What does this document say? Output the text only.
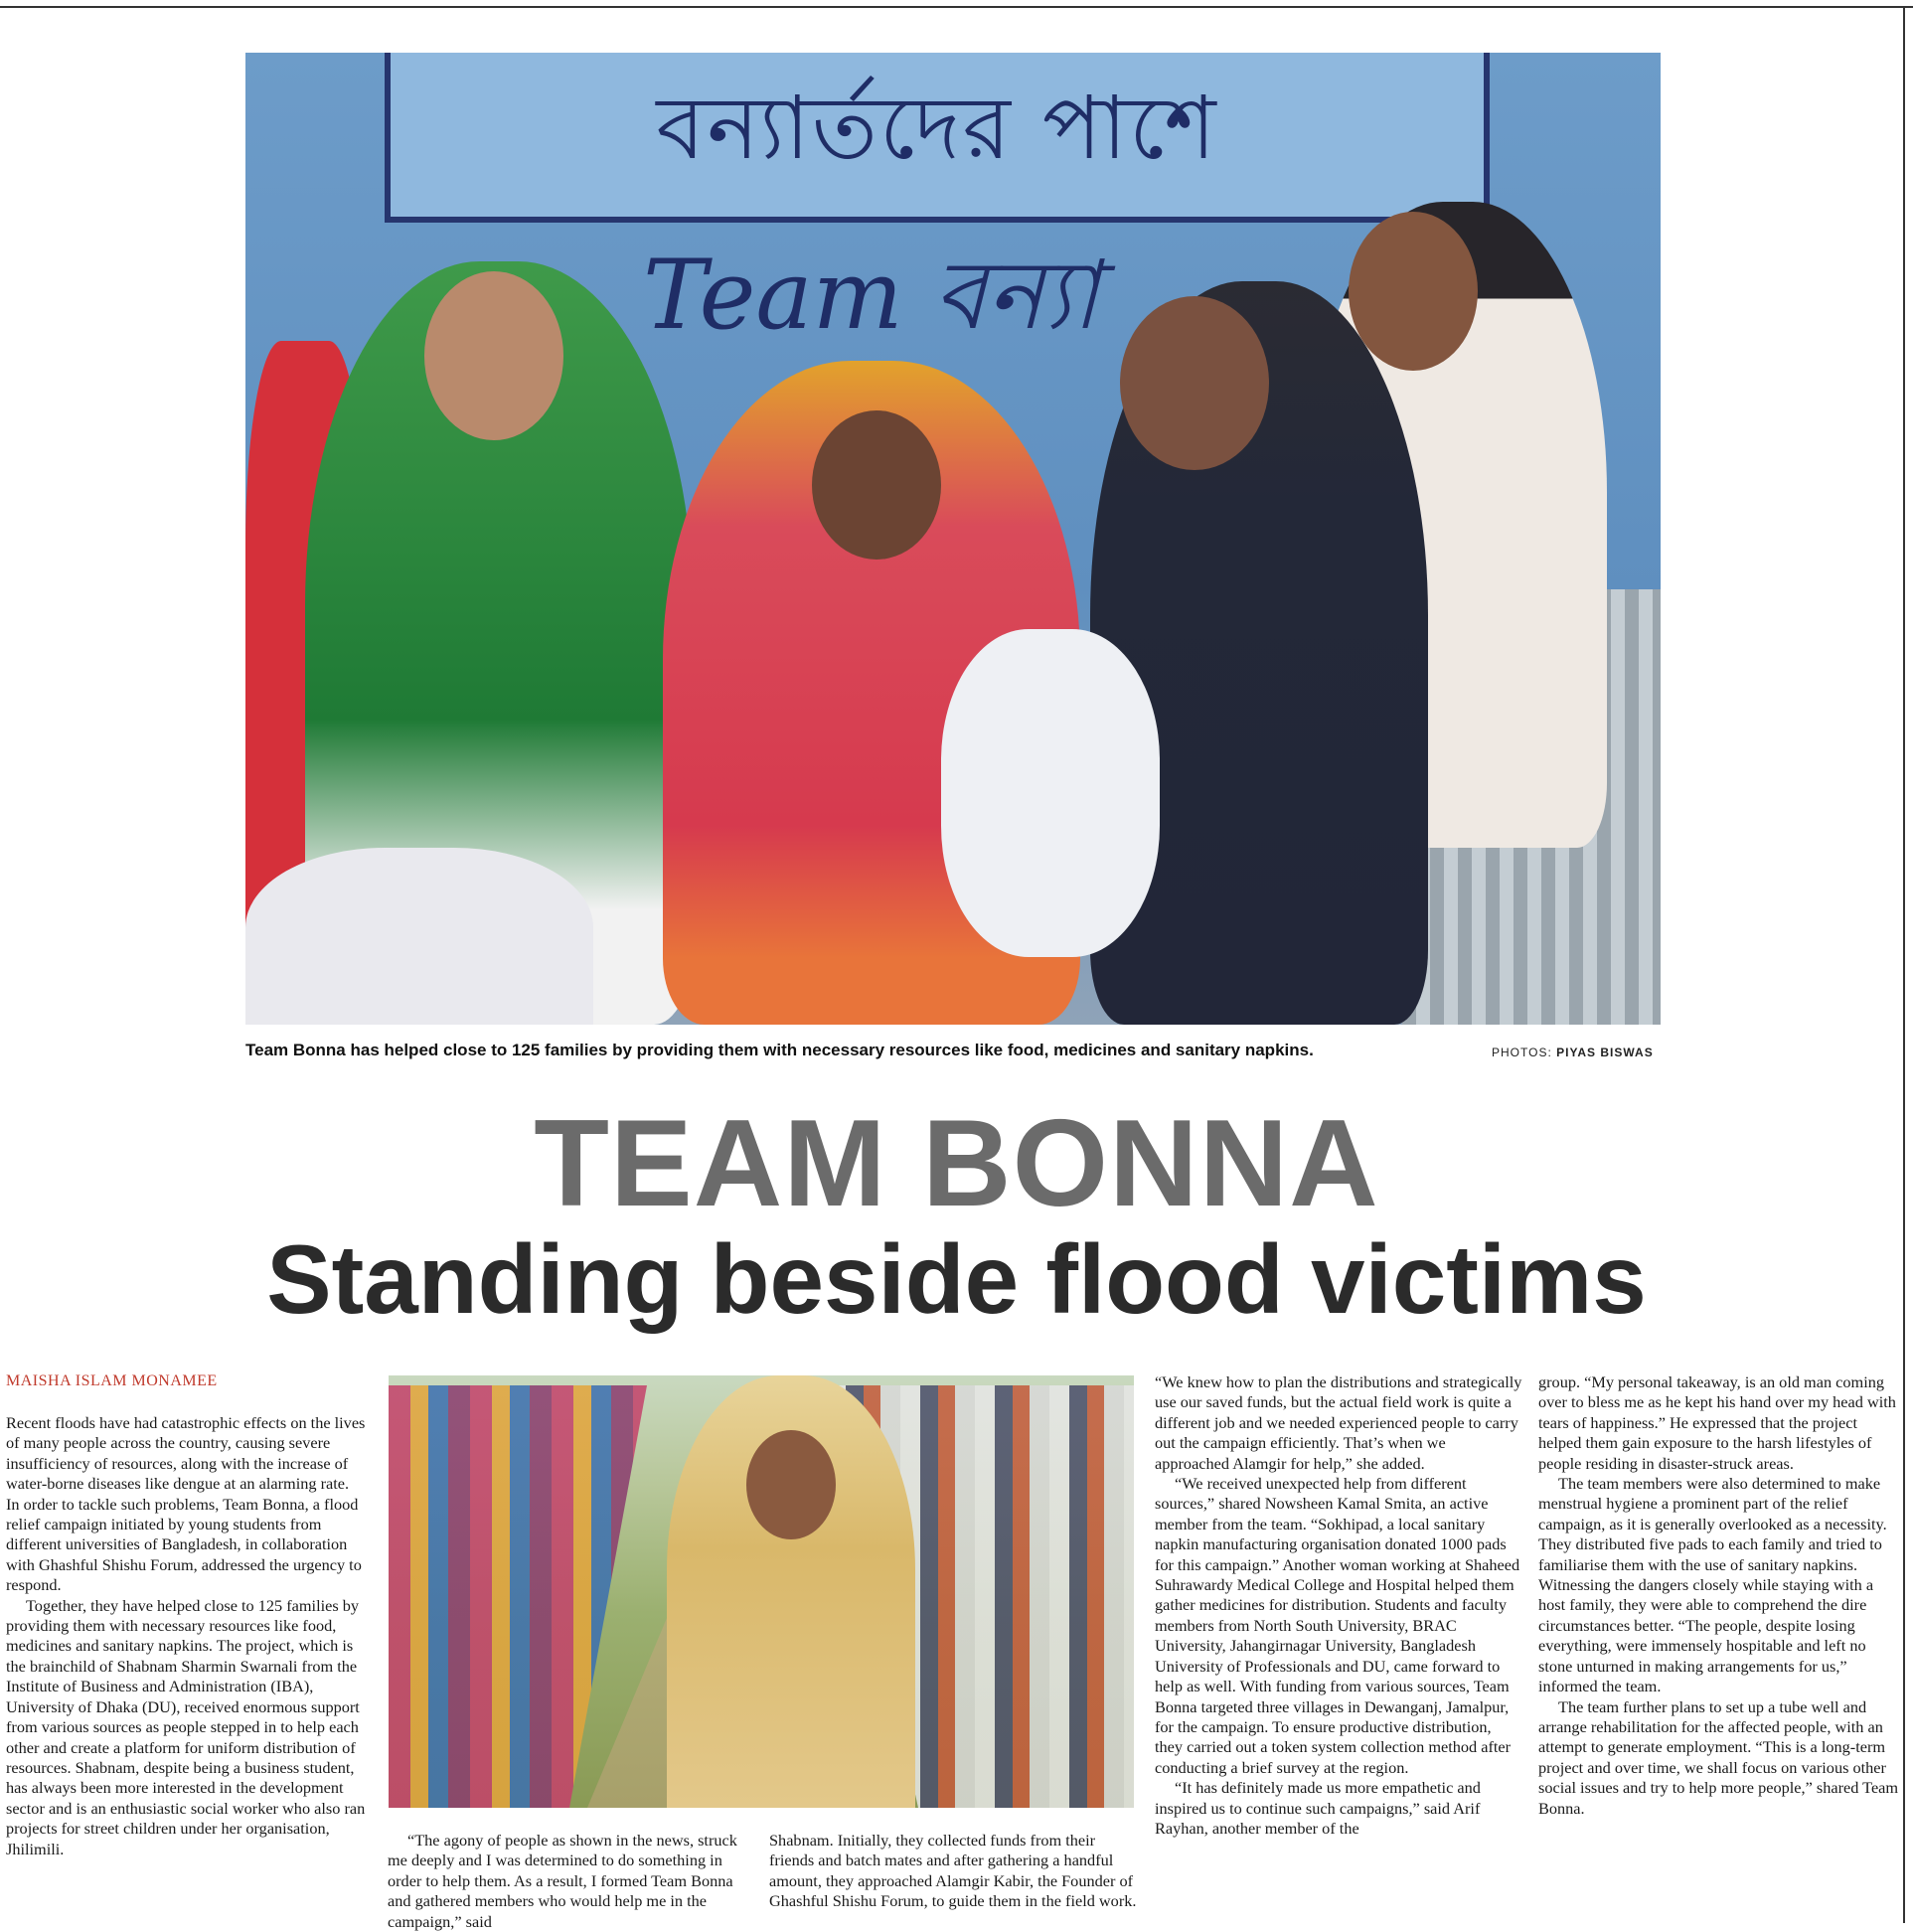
বন্যার্তদের পাশে
Team বন্যা
Team Bonna has helped close to 125 families by providing them with necessary resources like food, medicines and sanitary napkins.	PHOTOS: PIYAS BISWAS
TEAM BONNA
Standing beside flood victims
MAISHA ISLAM MONAMEE

Recent floods have had catastrophic effects on the lives of many people across the country, causing severe insufficiency of resources, along with the increase of water-borne diseases like dengue at an alarming rate. In order to tackle such problems, Team Bonna, a flood relief campaign initiated by young students from different universities of Bangladesh, in collaboration with Ghashful Shishu Forum, addressed the urgency to respond.

Together, they have helped close to 125 families by providing them with necessary resources like food, medicines and sanitary napkins. The project, which is the brainchild of Shabnam Sharmin Swarnali from the Institute of Business and Administration (IBA), University of Dhaka (DU), received enormous support from various sources as people stepped in to help each other and create a platform for uniform distribution of resources. Shabnam, despite being a business student, has always been more interested in the development sector and is an enthusiastic social worker who also ran projects for street children under her organisation, Jhilimili.	“The agony of people as shown in the news, struck me deeply and I was determined to do something in order to help them. As a result, I formed Team Bonna and gathered members who would help me in the campaign,” said

Shabnam. Initially, they collected funds from their friends and batch mates and after gathering a handful amount, they approached Alamgir Kabir, the Founder of Ghashful Shishu Forum, to guide them in the field work.

“We knew how to plan the distributions and strategically use our saved funds, but the actual field work is quite a different job and we needed experienced people to carry out the campaign efficiently. That’s when we approached Alamgir for help,” she added.

“We received unexpected help from different sources,” shared Nowsheen Kamal Smita, an active member from the team. “Sokhipad, a local sanitary napkin manufacturing organisation donated 1000 pads for this campaign.” Another woman working at Shaheed Suhrawardy Medical College and Hospital helped them gather medicines for distribution. Students and faculty members from North South University, BRAC University, Jahangirnagar University, Bangladesh University of Professionals and DU, came forward to help as well. With funding from various sources, Team Bonna targeted three villages in Dewanganj, Jamalpur, for the campaign. To ensure productive distribution, they carried out a token system collection method after conducting a brief survey at the region.

“It has definitely made us more empathetic and inspired us to continue such campaigns,” said Arif Rayhan, another member of the

group. “My personal takeaway, is an old man coming over to bless me as he kept his hand over my head with tears of happiness.” He expressed that the project helped them gain exposure to the harsh lifestyles of people residing in disaster-struck areas.

The team members were also determined to make menstrual hygiene a prominent part of the relief campaign, as it is generally overlooked as a necessity. They distributed five pads to each family and tried to familiarise them with the use of sanitary napkins. Witnessing the dangers closely while staying with a host family, they were able to comprehend the dire circumstances better. “The people, despite losing everything, were immensely hospitable and left no stone unturned in making arrangements for us,” informed the team.

The team further plans to set up a tube well and arrange rehabilitation for the affected people, with an attempt to generate employment. “This is a long-term project and over time, we shall focus on various other social issues and try to help more people,” shared Team Bonna.
